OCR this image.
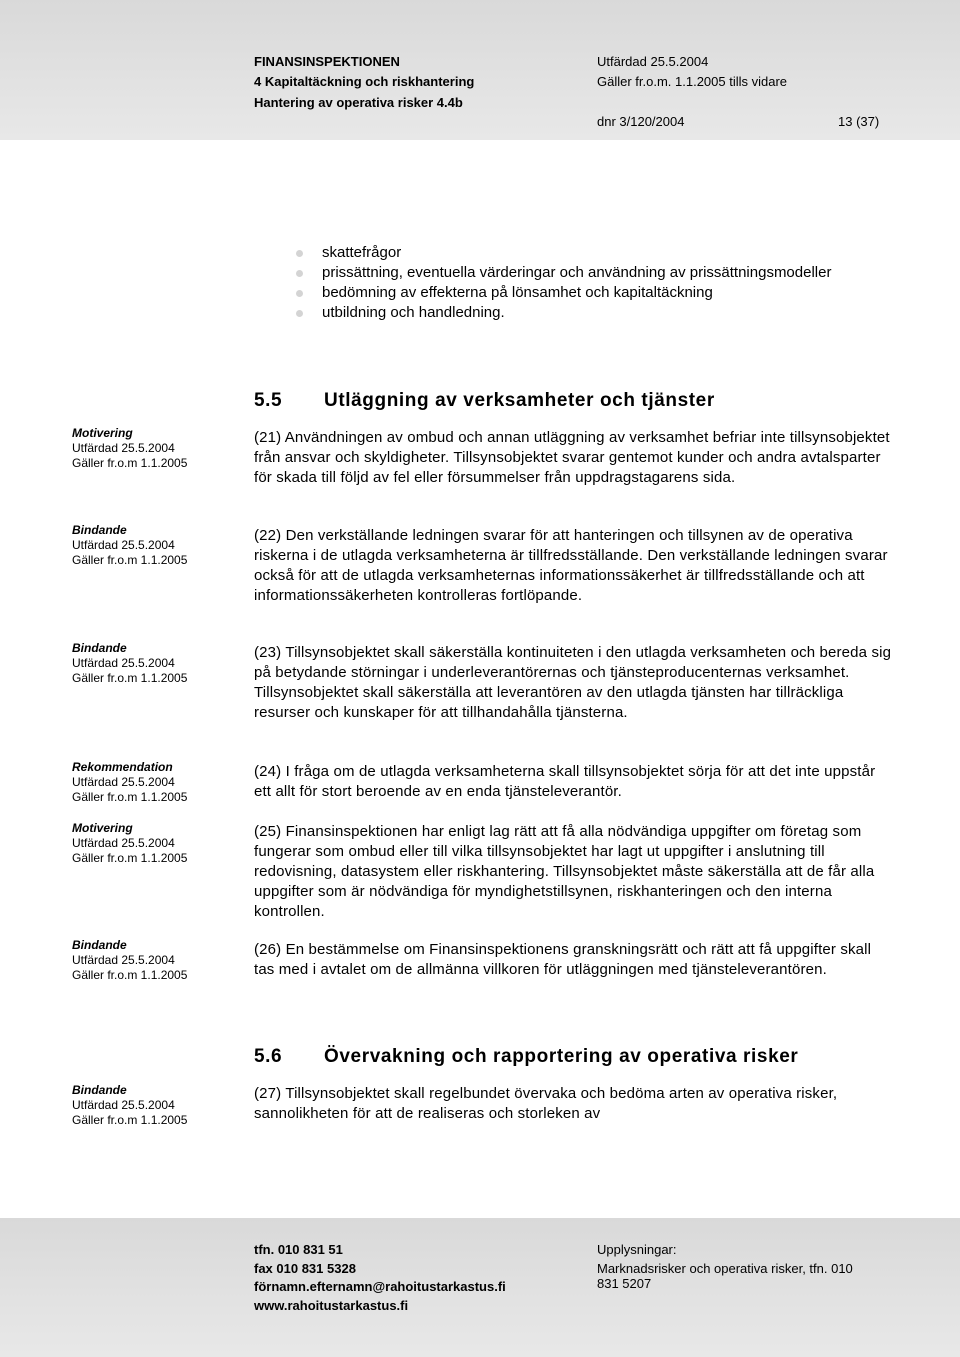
FINANSINSPEKTIONEN
4 Kapitaltäckning och riskhantering
Hantering av operativa risker 4.4b
Utfärdad 25.5.2004
Gäller fr.o.m. 1.1.2005 tills vidare
dnr 3/120/2004	13 (37)
skattefrågor
prissättning, eventuella värderingar och användning av prissättningsmodeller
bedömning av effekterna på lönsamhet och kapitaltäckning
utbildning och handledning.
5.5 Utläggning av verksamheter och tjänster
Motivering
Utfärdad 25.5.2004
Gäller fr.o.m 1.1.2005
(21) Användningen av ombud och annan utläggning av verksamhet befriar inte tillsynsobjektet från ansvar och skyldigheter. Tillsynsobjektet svarar gentemot kunder och andra avtalsparter för skada till följd av fel eller försummelser från uppdragstagarens sida.
Bindande
Utfärdad 25.5.2004
Gäller fr.o.m 1.1.2005
(22) Den verkställande ledningen svarar för att hanteringen och tillsynen av de operativa riskerna i de utlagda verksamheterna är tillfredsställande. Den verkställande ledningen svarar också för att de utlagda verksamheternas informationssäkerhet är tillfredsställande och att informationssäkerheten kontrolleras fortlöpande.
Bindande
Utfärdad 25.5.2004
Gäller fr.o.m 1.1.2005
(23) Tillsynsobjektet skall säkerställa kontinuiteten i den utlagda verksamheten och bereda sig på betydande störningar i underleverantörernas och tjänsteproducenternas verksamhet. Tillsynsobjektet skall säkerställa att leverantören av den utlagda tjänsten har tillräckliga resurser och kunskaper för att tillhandahålla tjänsterna.
Rekommendation
Utfärdad 25.5.2004
Gäller fr.o.m 1.1.2005
(24) I fråga om de utlagda verksamheterna skall tillsynsobjektet sörja för att det inte uppstår ett allt för stort beroende av en enda tjänsteleverantör.
Motivering
Utfärdad 25.5.2004
Gäller fr.o.m 1.1.2005
(25) Finansinspektionen har enligt lag rätt att få alla nödvändiga uppgifter om företag som fungerar som ombud eller till vilka tillsynsobjektet har lagt ut uppgifter i anslutning till redovisning, datasystem eller riskhantering. Tillsynsobjektet måste säkerställa att de får alla uppgifter som är nödvändiga för myndighetstillsynen, riskhanteringen och den interna kontrollen.
Bindande
Utfärdad 25.5.2004
Gäller fr.o.m 1.1.2005
(26) En bestämmelse om Finansinspektionens granskningsrätt och rätt att få uppgifter skall tas med i avtalet om de allmänna villkoren för utläggningen med tjänsteleverantören.
5.6 Övervakning och rapportering av operativa risker
Bindande
Utfärdad 25.5.2004
Gäller fr.o.m 1.1.2005
(27) Tillsynsobjektet skall regelbundet övervaka och bedöma arten av operativa risker, sannolikheten för att de realiseras och storleken av
tfn. 010 831 51
fax 010 831 5328
förnamn.efternamn@rahoitustarkastus.fi
www.rahoitustarkastus.fi
Upplysningar:
Marknadsrisker och operativa risker, tfn. 010
831 5207
